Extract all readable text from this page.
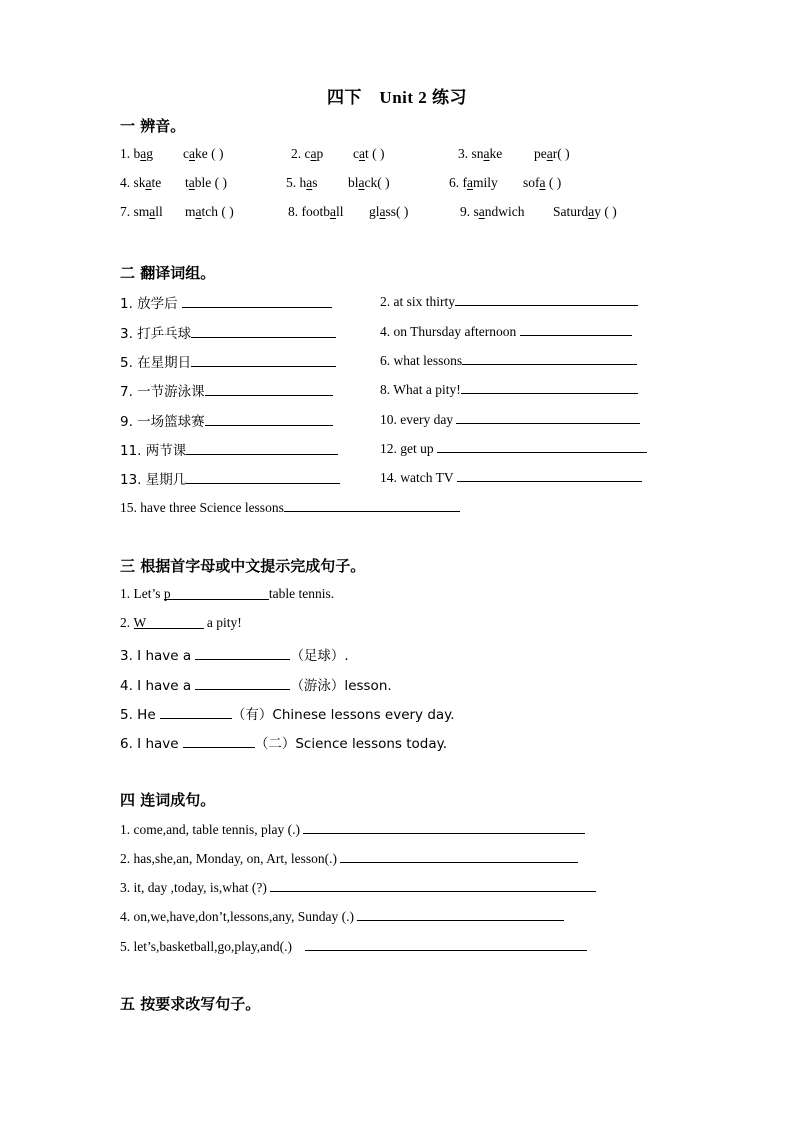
四下　Unit 2 练习
一 辨音。
1. bag cake ( )	2. cap cat ( )	3. snake pear( )
4. skate table ( )	5. has black( )	6. family sofa ( )
7. small match ( )	8. football glass( )	9. sandwich Saturday ( )
二 翻译词组。
1. 放学后	2. at six thirty
3. 打乒乓球	4. on Thursday afternoon
5. 在星期日	6. what lessons
7. 一节游泳课	8. What a pity!
9. 一场篮球赛	10. every day
11. 两节课	12. get up
13. 星期几	14. watch TV
15. have three Science lessons
三 根据首字母或中文提示完成句子。
1. Let’s p	table tennis.
2. W	a pity!
3. I have a	（足球）.
4. I have a	（游泳）lesson.
5. He	（有）Chinese lessons every day.
6. I have	（二）Science lessons today.
四 连词成句。
1. come,and, table tennis, play (.)
2. has,she,an, Monday, on, Art, lesson(.)
3. it, day ,today, is,what (?)
4. on,we,have,don’t,lessons,any, Sunday (.)
5. let’s,basketball,go,play,and(.)
五 按要求改写句子。
